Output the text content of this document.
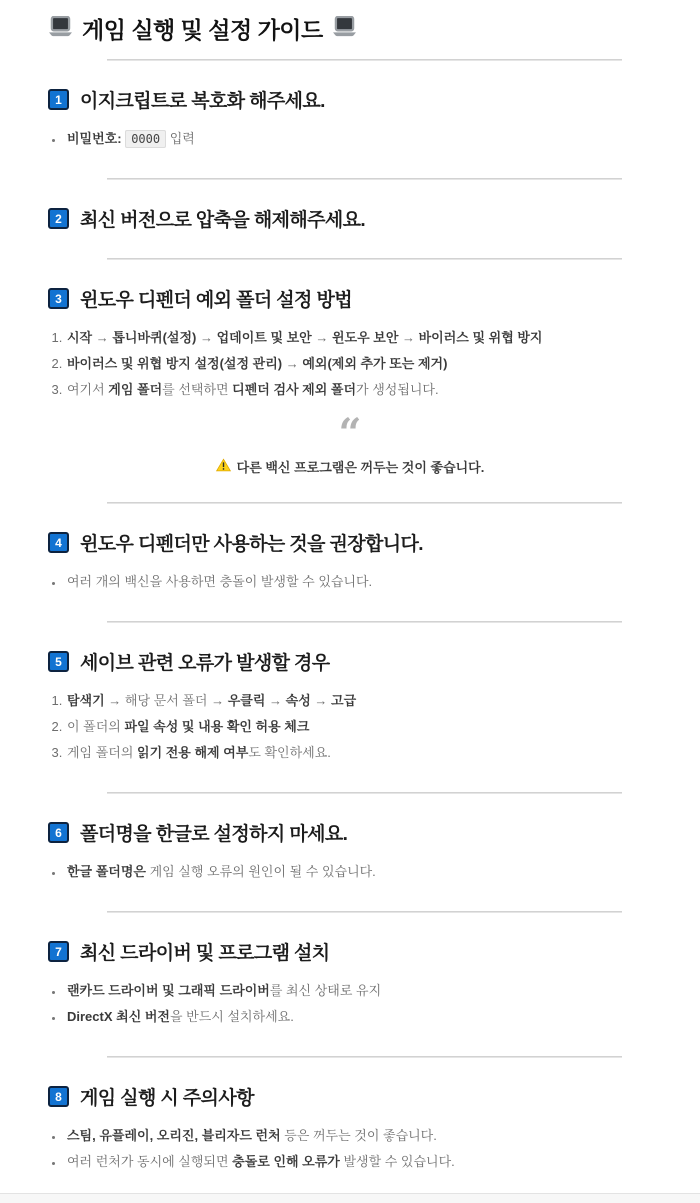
게임 실행 및 설정 가이드
1 이지크립트로 복호화 해주세요.
• 비밀번호: 0000 입력
2 최신 버전으로 압축을 해제해주세요.
3 윈도우 디펜더 예외 폴더 설정 방법
1. 시작 → 톱니바퀴(설정) → 업데이트 및 보안 → 윈도우 보안 → 바이러스 및 위협 방지
2. 바이러스 및 위협 방지 설정(설정 관리) → 예외(제외 추가 또는 제거)
3. 여기서 게임 폴더를 선택하면 디펜더 검사 제외 폴더가 생성됩니다.
“
다른 백신 프로그램은 꺼두는 것이 좋습니다.
4 윈도우 디펜더만 사용하는 것을 권장합니다.
• 여러 개의 백신을 사용하면 충돌이 발생할 수 있습니다.
5 세이브 관련 오류가 발생할 경우
1. 탐색기 → 해당 문서 폴더 → 우클릭 → 속성 → 고급
2. 이 폴더의 파일 속성 및 내용 확인 허용 체크
3. 게임 폴더의 읽기 전용 해제 여부도 확인하세요.
6 폴더명을 한글로 설정하지 마세요.
• 한글 폴더명은 게임 실행 오류의 원인이 될 수 있습니다.
7 최신 드라이버 및 프로그램 설치
• 랜카드 드라이버 및 그래픽 드라이버를 최신 상태로 유지
• DirectX 최신 버전을 반드시 설치하세요.
8 게임 실행 시 주의사항
• 스팀, 유플레이, 오리진, 블리자드 런처 등은 꺼두는 것이 좋습니다.
• 여러 런처가 동시에 실행되면 충돌로 인해 오류가 발생할 수 있습니다.
